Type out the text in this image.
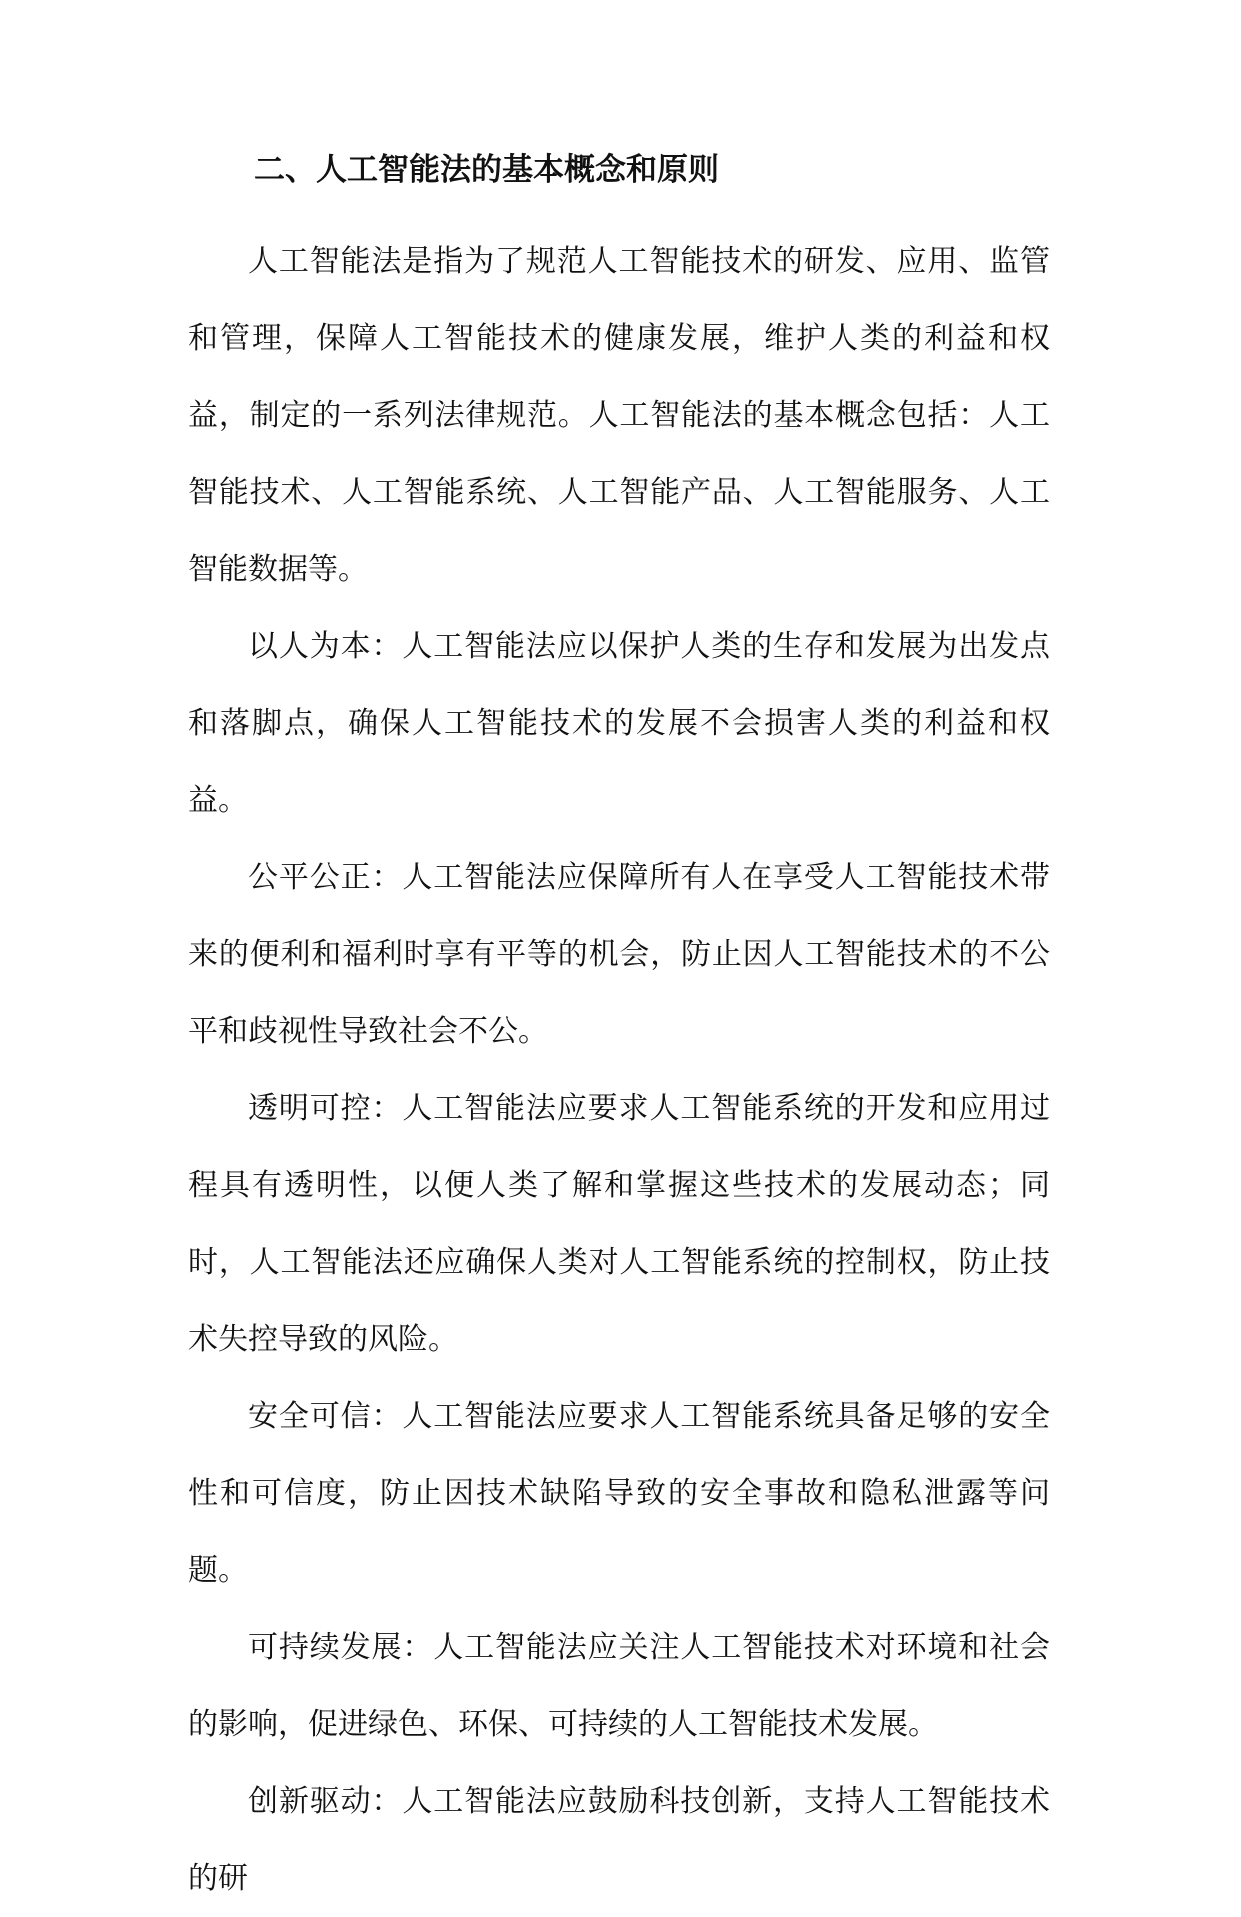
二、人工智能法的基本概念和原则

人工智能法是指为了规范人工智能技术的研发、应用、监管和管理，保障人工智能技术的健康发展，维护人类的利益和权益，制定的一系列法律规范。人工智能法的基本概念包括：人工智能技术、人工智能系统、人工智能产品、人工智能服务、人工智能数据等。

以人为本：人工智能法应以保护人类的生存和发展为出发点和落脚点，确保人工智能技术的发展不会损害人类的利益和权益。

公平公正：人工智能法应保障所有人在享受人工智能技术带来的便利和福利时享有平等的机会，防止因人工智能技术的不公平和歧视性导致社会不公。

透明可控：人工智能法应要求人工智能系统的开发和应用过程具有透明性，以便人类了解和掌握这些技术的发展动态；同时，人工智能法还应确保人类对人工智能系统的控制权，防止技术失控导致的风险。

安全可信：人工智能法应要求人工智能系统具备足够的安全性和可信度，防止因技术缺陷导致的安全事故和隐私泄露等问题。

可持续发展：人工智能法应关注人工智能技术对环境和社会的影响，促进绿色、环保、可持续的人工智能技术发展。

创新驱动：人工智能法应鼓励科技创新，支持人工智能技术的研
